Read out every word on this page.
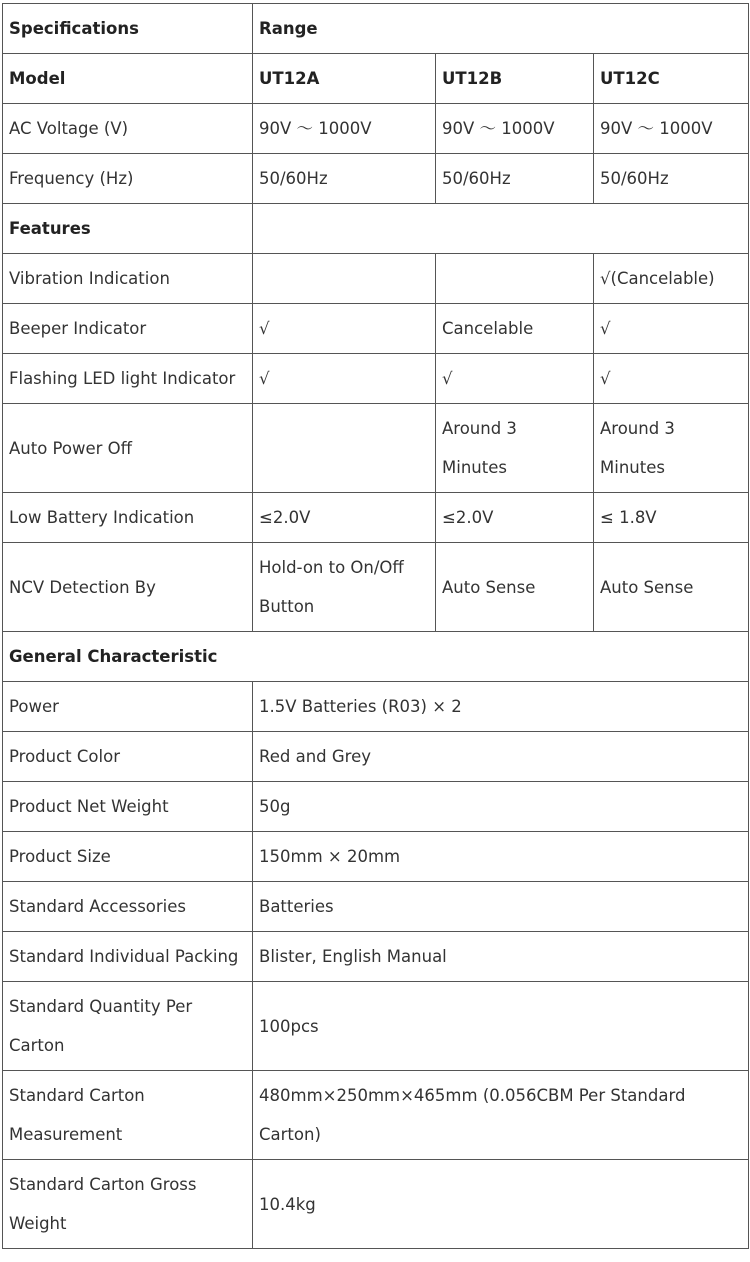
Specifications	Range		
Model	UT12A	UT12B	UT12C
AC Voltage (V)	90V ～ 1000V	90V ～ 1000V	90V ～ 1000V
Frequency (Hz)	50/60Hz	50/60Hz	50/60Hz
Features			
Vibration Indication			√(Cancelable)
Beeper Indicator	√	Cancelable	√
Flashing LED light Indicator	√	√	√
Auto Power Off		Around 3 Minutes	Around 3 Minutes
Low Battery Indication	≤2.0V	≤2.0V	≤ 1.8V
NCV Detection By	Hold-on to On/Off Button	Auto Sense	Auto Sense
General Characteristic			
Power	1.5V Batteries (R03) × 2		
Product Color	Red and Grey		
Product Net Weight	50g		
Product Size	150mm × 20mm		
Standard Accessories	Batteries		
Standard Individual Packing	Blister, English Manual		
Standard Quantity Per Carton	100pcs		
Standard Carton Measurement	480mm×250mm×465mm (0.056CBM Per Standard Carton)		
Standard Carton Gross Weight	10.4kg		
